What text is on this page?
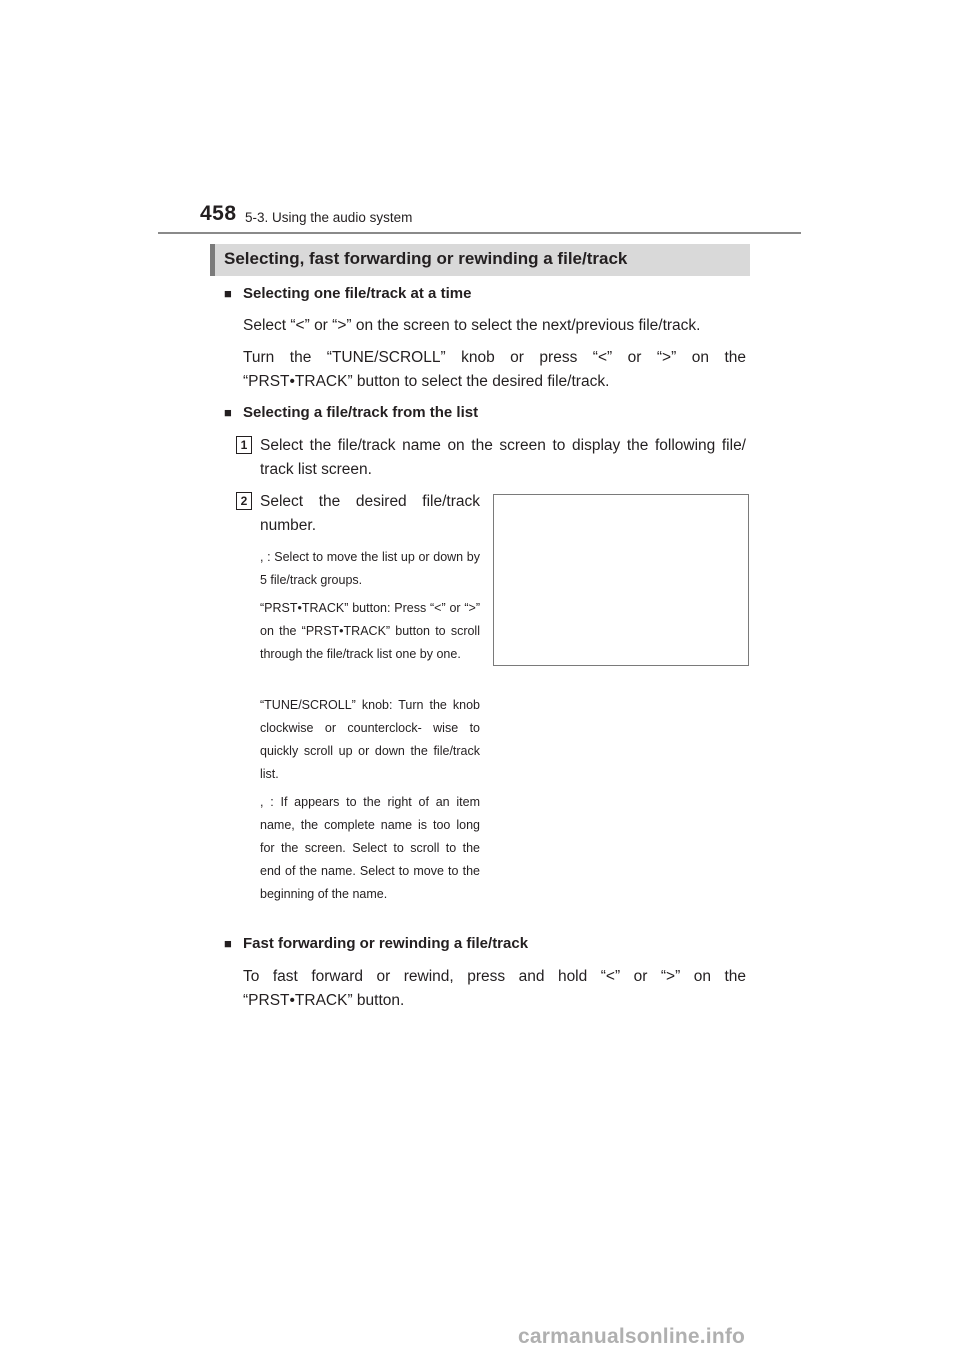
458 5-3. Using the audio system
Selecting, fast forwarding or rewinding a file/track
■ Selecting one file/track at a time
Select “<” or “>” on the screen to select the next/previous file/track.
Turn the “TUNE/SCROLL” knob or press “<” or “>” on the “PRST•TRACK” button to select the desired file/track.
■ Selecting a file/track from the list
1 Select the file/track name on the screen to display the following file/ track list screen.
2 Select the desired file/track number.
, : Select to move the list up or down by 5 file/track groups.
“PRST•TRACK” button: Press “<” or “>” on the “PRST•TRACK” button to scroll through the file/track list one by one.
“TUNE/SCROLL” knob: Turn the knob clockwise or counterclock- wise to quickly scroll up or down the file/track list.
, : If appears to the right of an item name, the complete name is too long for the screen. Select to scroll to the end of the name. Select to move to the beginning of the name.
■ Fast forwarding or rewinding a file/track
To fast forward or rewind, press and hold “<” or “>” on the “PRST•TRACK” button.
carmanualsonline.info
